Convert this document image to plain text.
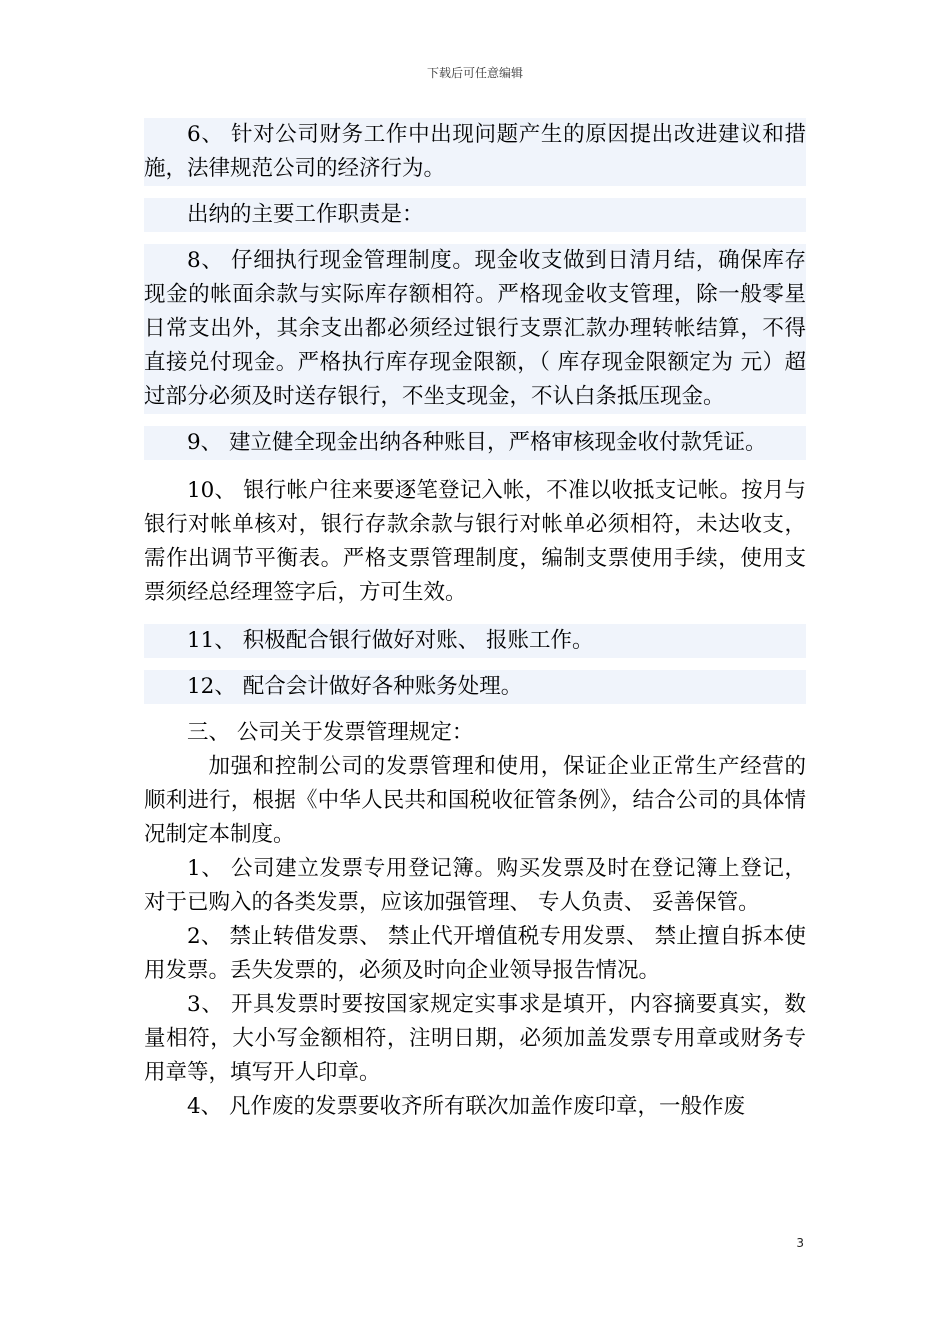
下载后可任意编辑

6、 针对公司财务工作中出现问题产生的原因提出改进建议和措施，法律规范公司的经济行为。

出纳的主要工作职责是：

8、 仔细执行现金管理制度。现金收支做到日清月结，确保库存现金的帐面余款与实际库存额相符。严格现金收支管理，除一般零星日常支出外，其余支出都必须经过银行支票汇款办理转帐结算，不得直接兑付现金。严格执行库存现金限额，（ 库存现金限额定为 元）超过部分必须及时送存银行，不坐支现金，不认白条抵压现金。

9、 建立健全现金出纳各种账目，严格审核现金收付款凭证。

10、 银行帐户往来要逐笔登记入帐，不准以收抵支记帐。按月与银行对帐单核对，银行存款余款与银行对帐单必须相符，未达收支，需作出调节平衡表。严格支票管理制度，编制支票使用手续，使用支票须经总经理签字后，方可生效。

11、 积极配合银行做好对账、 报账工作。

12、 配合会计做好各种账务处理。

三、 公司关于发票管理规定：

加强和控制公司的发票管理和使用，保证企业正常生产经营的顺利进行，根据《中华人民共和国税收征管条例》，结合公司的具体情况制定本制度。

1、 公司建立发票专用登记簿。购买发票及时在登记簿上登记， 对于已购入的各类发票，应该加强管理、 专人负责、 妥善保管。

2、 禁止转借发票、 禁止代开增值税专用发票、 禁止擅自拆本使用发票。丢失发票的，必须及时向企业领导报告情况。

3、 开具发票时要按国家规定实事求是填开，内容摘要真实，数量相符，大小写金额相符，注明日期，必须加盖发票专用章或财务专用章等，填写开人印章。

4、 凡作废的发票要收齐所有联次加盖作废印章，一般作废

3
